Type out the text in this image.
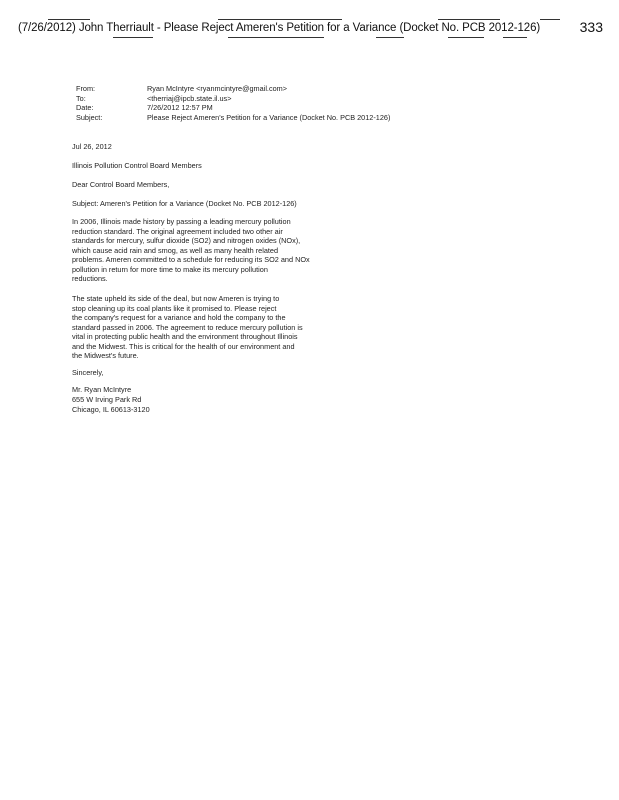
(7/26/2012) John Therriault - Please Reject Ameren's Petition for a Variance (Docket No. PCB 2012-126)	333
From:	Ryan McIntyre <ryanmcintyre@gmail.com>
To:	<therriaj@ipcb.state.il.us>
Date:	7/26/2012 12:57 PM
Subject:	Please Reject Ameren's Petition for a Variance (Docket No. PCB 2012-126)
Jul 26, 2012
Illinois Pollution Control Board Members
Dear Control Board Members,
Subject: Ameren's Petition for a Variance (Docket No. PCB 2012-126)
In 2006, Illinois made history by passing a leading mercury pollution
reduction standard. The original agreement included two other air
standards for mercury, sulfur dioxide (SO2) and nitrogen oxides (NOx),
which cause acid rain and smog, as well as many health related
problems. Ameren committed to a schedule for reducing its SO2 and NOx
pollution in return for more time to make its mercury pollution
reductions.
The state upheld its side of the deal, but now Ameren is trying to
stop cleaning up its coal plants like it promised to. Please reject
the company's request for a variance and hold the company to the
standard passed in 2006. The agreement to reduce mercury pollution is
vital in protecting public health and the environment throughout Illinois
and the Midwest. This is critical for the health of our environment and
the Midwest's future.
Sincerely,
Mr. Ryan McIntyre
655 W Irving Park Rd
Chicago, IL 60613-3120
